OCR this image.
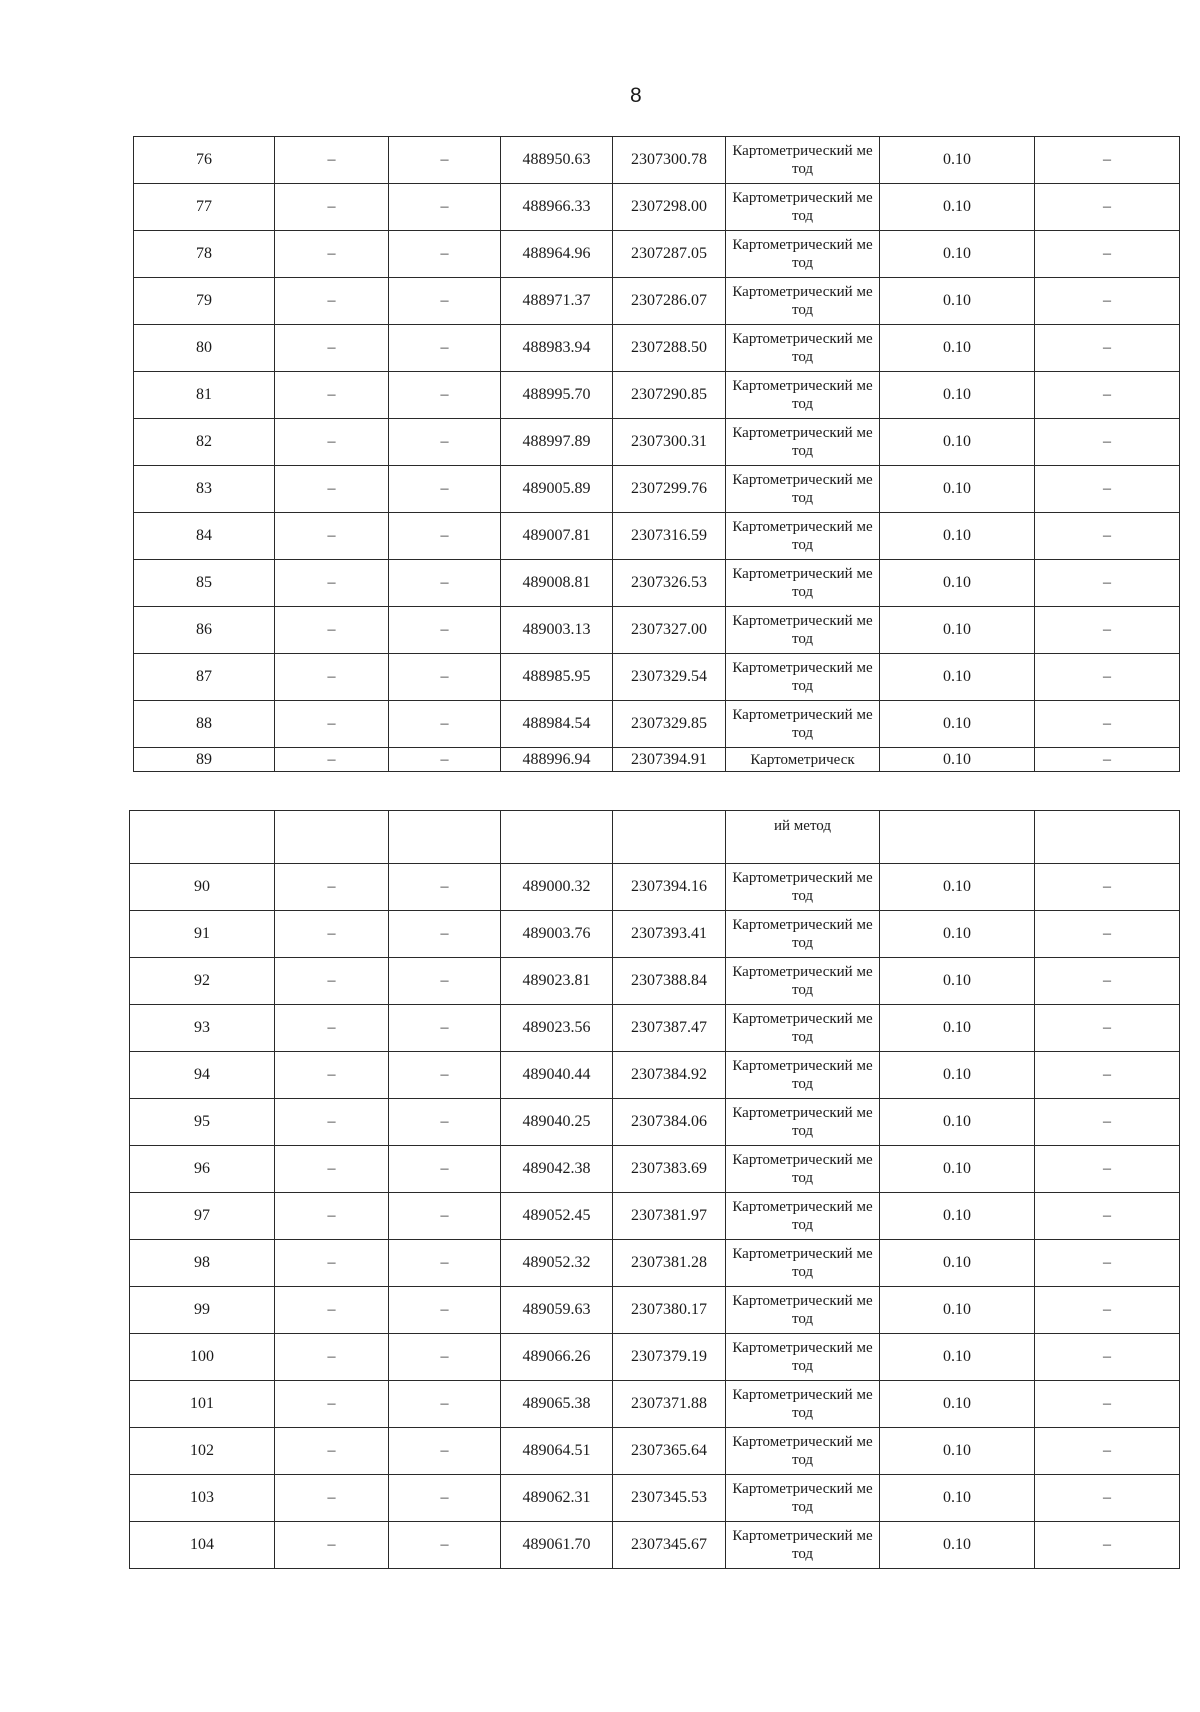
8
76	–	–	488950.63	2307300.78	Картометрический метод	0.10	–
77	–	–	488966.33	2307298.00	Картометрический метод	0.10	–
78	–	–	488964.96	2307287.05	Картометрический метод	0.10	–
79	–	–	488971.37	2307286.07	Картометрический метод	0.10	–
80	–	–	488983.94	2307288.50	Картометрический метод	0.10	–
81	–	–	488995.70	2307290.85	Картометрический метод	0.10	–
82	–	–	488997.89	2307300.31	Картометрический метод	0.10	–
83	–	–	489005.89	2307299.76	Картометрический метод	0.10	–
84	–	–	489007.81	2307316.59	Картометрический метод	0.10	–
85	–	–	489008.81	2307326.53	Картометрический метод	0.10	–
86	–	–	489003.13	2307327.00	Картометрический метод	0.10	–
87	–	–	488985.95	2307329.54	Картометрический метод	0.10	–
88	–	–	488984.54	2307329.85	Картометрический метод	0.10	–
89	–	–	488996.94	2307394.91	Картометрическ	0.10	–
					ий метод		
90	–	–	489000.32	2307394.16	Картометрический метод	0.10	–
91	–	–	489003.76	2307393.41	Картометрический метод	0.10	–
92	–	–	489023.81	2307388.84	Картометрический метод	0.10	–
93	–	–	489023.56	2307387.47	Картометрический метод	0.10	–
94	–	–	489040.44	2307384.92	Картометрический метод	0.10	–
95	–	–	489040.25	2307384.06	Картометрический метод	0.10	–
96	–	–	489042.38	2307383.69	Картометрический метод	0.10	–
97	–	–	489052.45	2307381.97	Картометрический метод	0.10	–
98	–	–	489052.32	2307381.28	Картометрический метод	0.10	–
99	–	–	489059.63	2307380.17	Картометрический метод	0.10	–
100	–	–	489066.26	2307379.19	Картометрический метод	0.10	–
101	–	–	489065.38	2307371.88	Картометрический метод	0.10	–
102	–	–	489064.51	2307365.64	Картометрический метод	0.10	–
103	–	–	489062.31	2307345.53	Картометрический метод	0.10	–
104	–	–	489061.70	2307345.67	Картометрический метод	0.10	–
